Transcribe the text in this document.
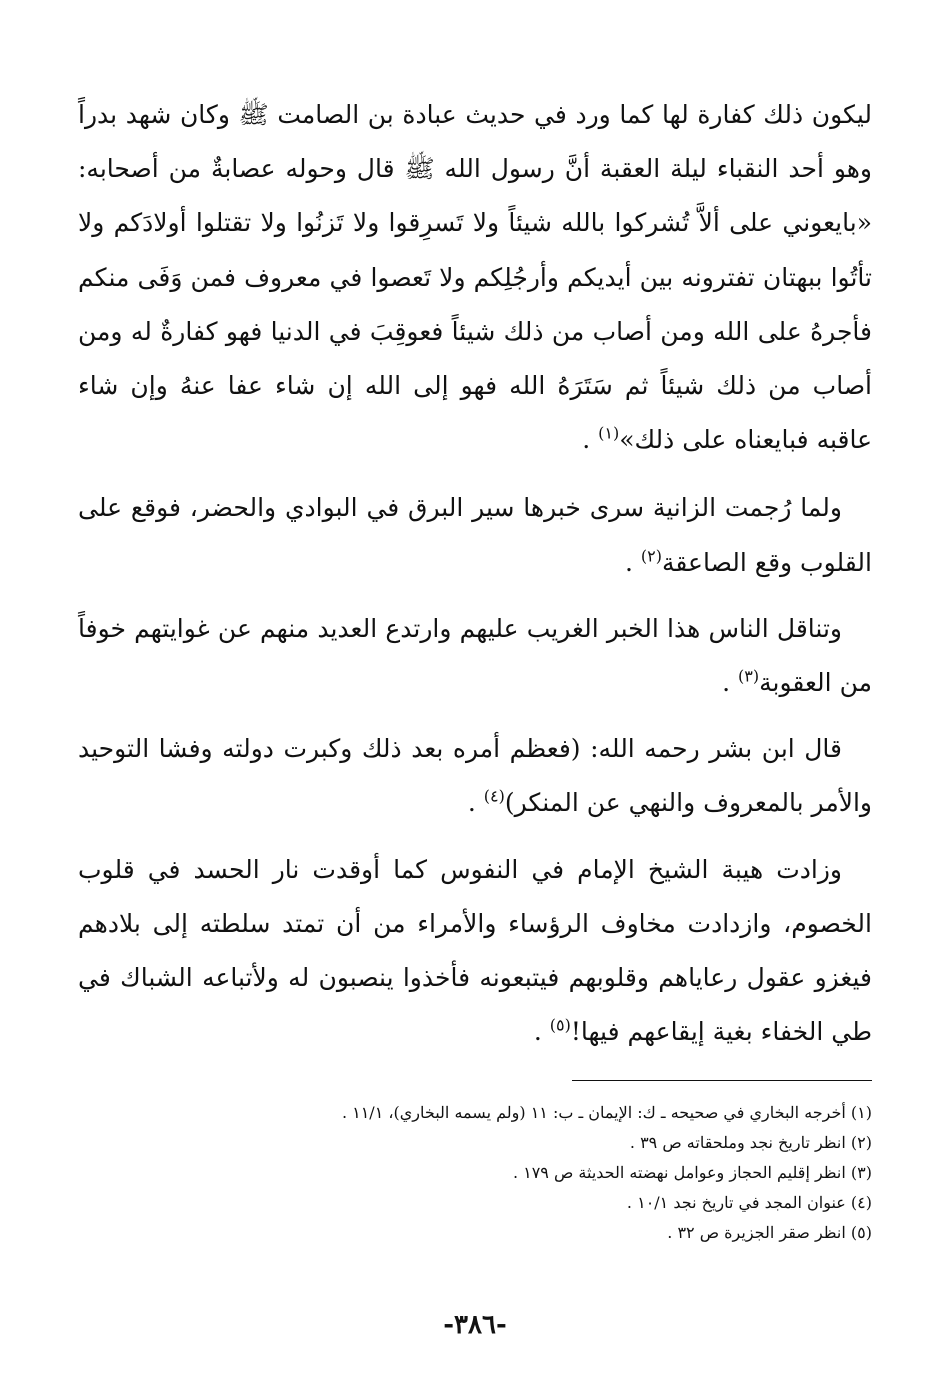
ليكون ذلك كفارة لها كما ورد في حديث عبادة بن الصامت ﷺ وكان شهد بدراً وهو أحد النقباء ليلة العقبة أنَّ رسول الله ﷺ قال وحوله عصابةٌ من أصحابه: «بايعوني على ألاَّ تُشركوا بالله شيئاً ولا تَسرِقوا ولا تَزنُوا ولا تقتلوا أولادَكم ولا تأتُوا ببهتان تفترونه بين أيديكم وأرجُلِكم ولا تَعصوا في معروف فمن وَفَى منكم فأجرهُ على الله ومن أصاب من ذلك شيئاً فعوقِبَ في الدنيا فهو كفارةٌ له ومن أصاب من ذلك شيئاً ثم سَتَرَهُ الله فهو إلى الله إن شاء عفا عنهُ وإن شاء عاقبه فبايعناه على ذلك»$^{(١)}$ .

ولما رُجمت الزانية سرى خبرها سير البرق في البوادي والحضر، فوقع على القلوب وقع الصاعقة$^{(٢)}$ .

وتناقل الناس هذا الخبر الغريب عليهم وارتدع العديد منهم عن غوايتهم خوفاً من العقوبة$^{(٣)}$ .

قال ابن بشر رحمه الله: (فعظم أمره بعد ذلك وكبرت دولته وفشا التوحيد والأمر بالمعروف والنهي عن المنكر)$^{(٤)}$ .

وزادت هيبة الشيخ الإمام في النفوس كما أوقدت نار الحسد في قلوب الخصوم، وازدادت مخاوف الرؤساء والأمراء من أن تمتد سلطته إلى بلادهم فيغزو عقول رعاياهم وقلوبهم فيتبعونه فأخذوا ينصبون له ولأتباعه الشباك في طي الخفاء بغية إيقاعهم فيها!$^{(٥)}$ .

(١) أخرجه البخاري في صحيحه ـ ك: الإيمان ـ ب: ١١ (ولم يسمه البخاري)، ١١/١ .

(٢) انظر تاريخ نجد وملحقاته ص ٣٩ .

(٣) انظر إقليم الحجاز وعوامل نهضته الحديثة ص ١٧٩ .

(٤) عنوان المجد في تاريخ نجد ١٠/١ .

(٥) انظر صقر الجزيرة ص ٣٢ .

-٣٨٦-
